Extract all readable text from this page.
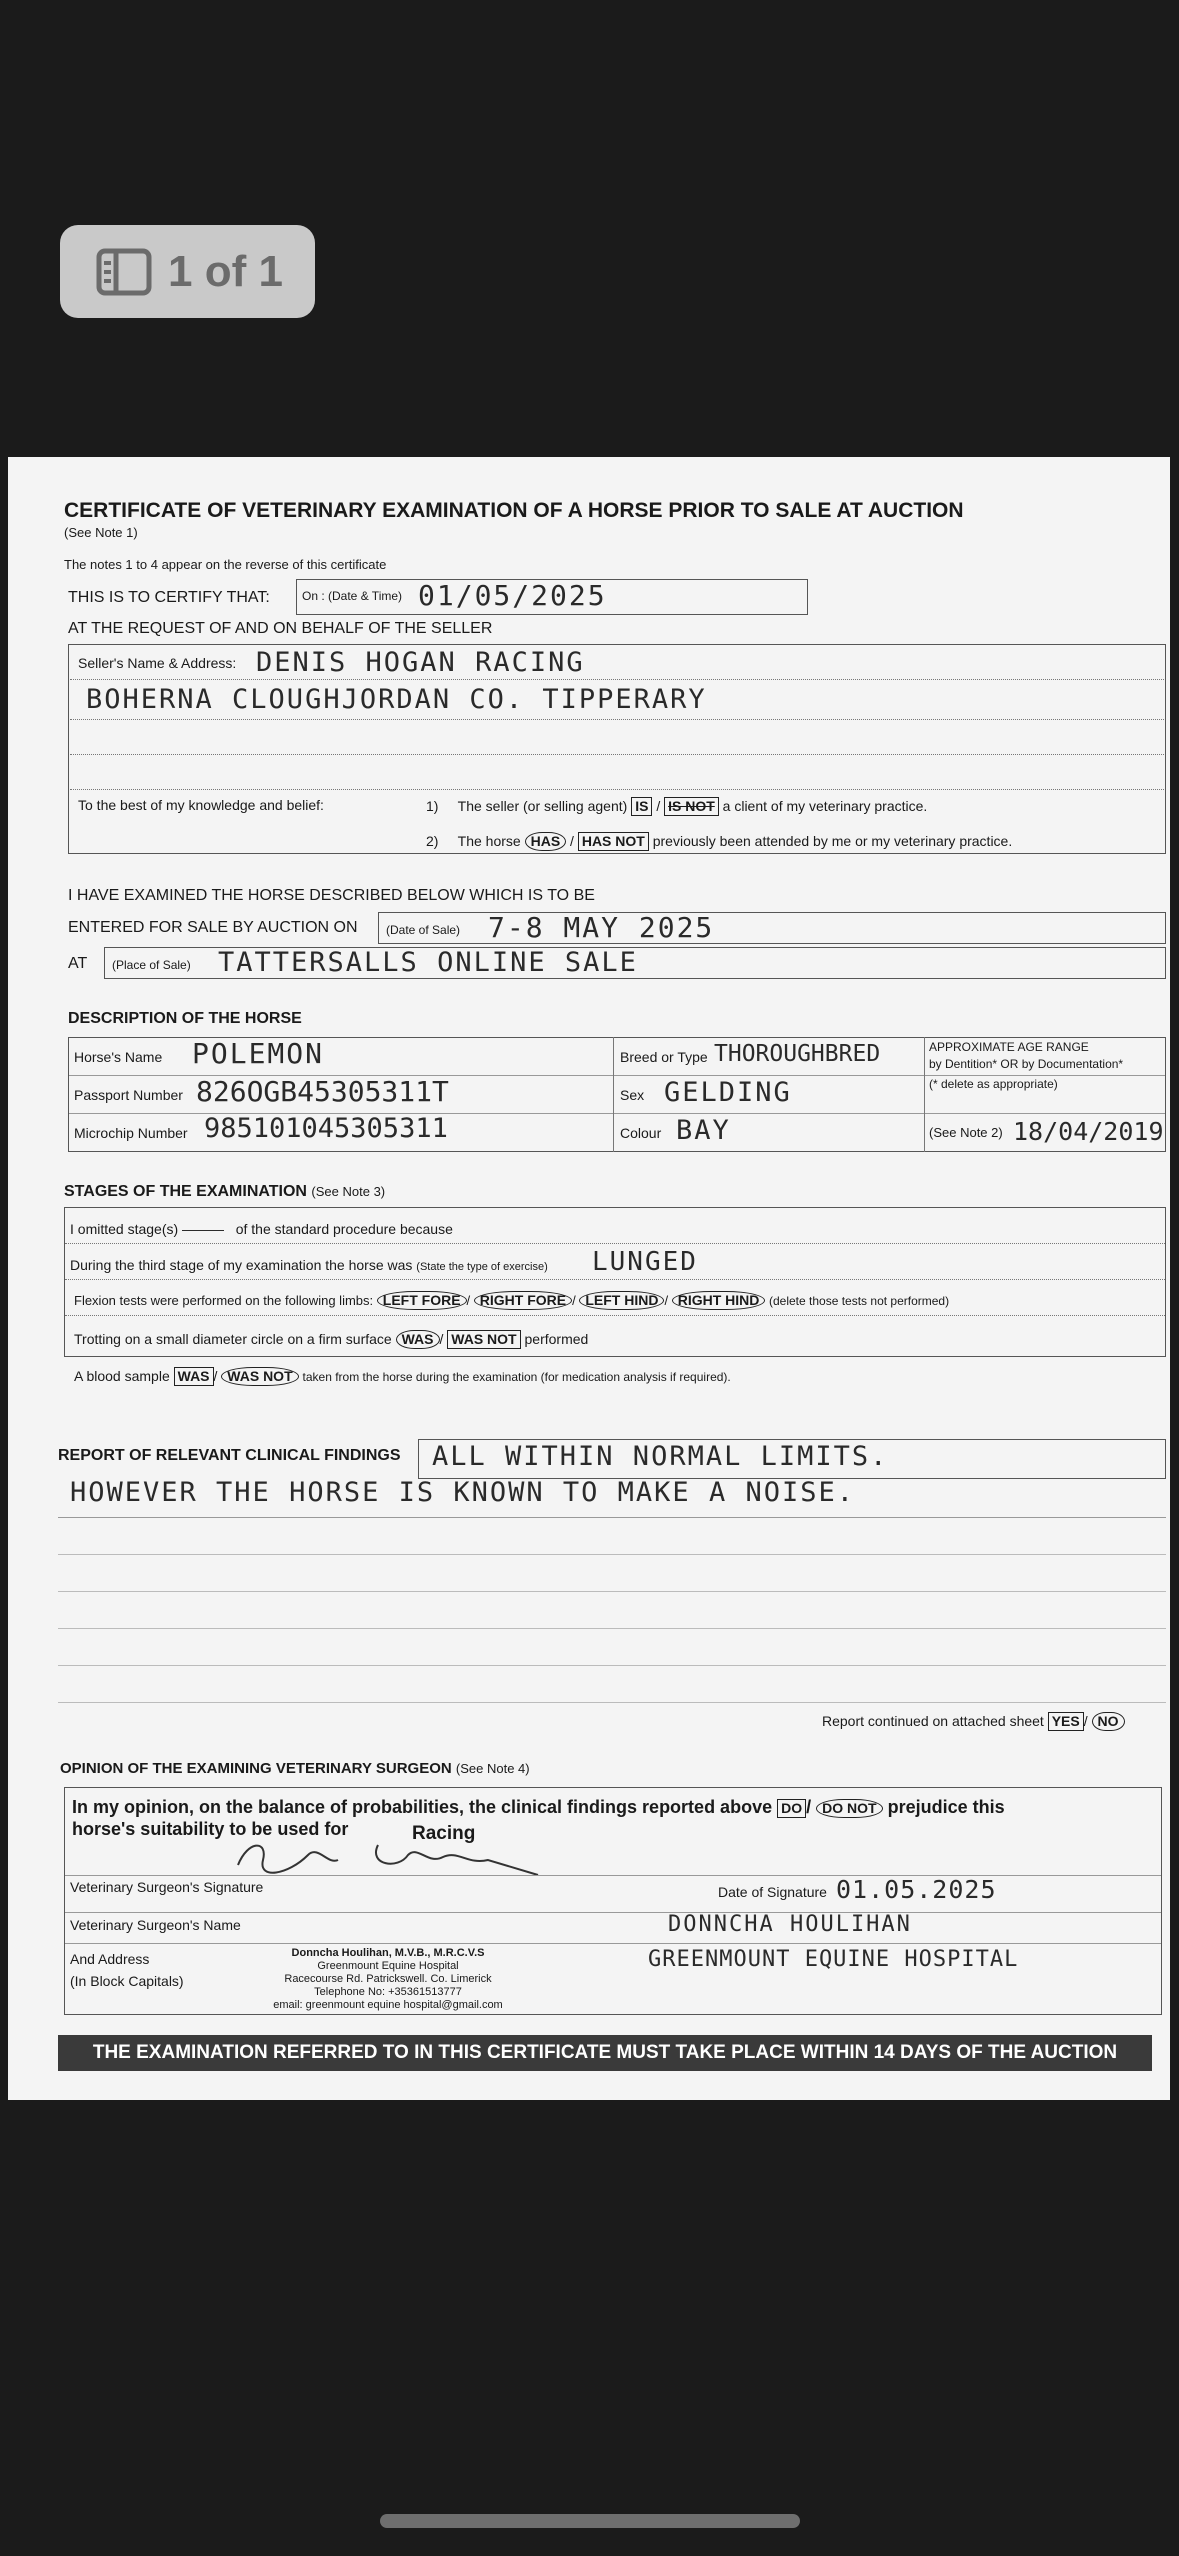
1 of 1
CERTIFICATE OF VETERINARY EXAMINATION OF A HORSE PRIOR TO SALE AT AUCTION
(See Note 1)
The notes 1 to 4 appear on the reverse of this certificate
THIS IS TO CERTIFY THAT:	On : (Date & Time) 01/05/2025
AT THE REQUEST OF AND ON BEHALF OF THE SELLER
Seller's Name & Address: DENIS HOGAN RACING
BOHERNA CLOUGHJORDAN CO. TIPPERARY
To the best of my knowledge and belief:	1) The seller (or selling agent) IS / IS NOT a client of my veterinary practice.
2) The horse HAS / HAS NOT previously been attended by me or my veterinary practice.
I HAVE EXAMINED THE HORSE DESCRIBED BELOW WHICH IS TO BE
ENTERED FOR SALE BY AUCTION ON (Date of Sale) 7-8 MAY 2025
AT (Place of Sale) TATTERSALLS ONLINE SALE
DESCRIPTION OF THE HORSE
Horse's Name POLEMON	Breed or Type THOROUGHBRED	APPROXIMATE AGE RANGE
by Dentition* OR by Documentation*
(* delete as appropriate)
Passport Number 826OGB45305311T	Sex GELDING
Microchip Number 985101045305311	Colour BAY	(See Note 2) 18/04/2019
STAGES OF THE EXAMINATION (See Note 3)
I omitted stage(s) ———   of the standard procedure because
During the third stage of my examination the horse was (State the type of exercise) LUNGED
Flexion tests were performed on the following limbs: LEFT FORE / RIGHT FORE / LEFT HIND / RIGHT HIND (delete those tests not performed)
Trotting on a small diameter circle on a firm surface WAS / WAS NOT performed
A blood sample WAS / WAS NOT taken from the horse during the examination (for medication analysis if required).
REPORT OF RELEVANT CLINICAL FINDINGS ALL WITHIN NORMAL LIMITS.
HOWEVER THE HORSE IS KNOWN TO MAKE A NOISE.
Report continued on attached sheet YES / NO
OPINION OF THE EXAMINING VETERINARY SURGEON (See Note 4)
In my opinion, on the balance of probabilities, the clinical findings reported above DO / DO NOT prejudice this
horse's suitability to be used for	Racing
Veterinary Surgeon's Signature	Date of Signature 01.05.2025
Veterinary Surgeon's Name	DONNCHA HOULIHAN
And Address
(In Block Capitals)
GREENMOUNT EQUINE HOSPITAL
Donncha Houlihan, M.V.B., M.R.C.V.S
Greenmount Equine Hospital
Racecourse Rd. Patrickswell. Co. Limerick
Telephone No: +35361513777
email: greenmount equine hospital@gmail.com
THE EXAMINATION REFERRED TO IN THIS CERTIFICATE MUST TAKE PLACE WITHIN 14 DAYS OF THE AUCTION
